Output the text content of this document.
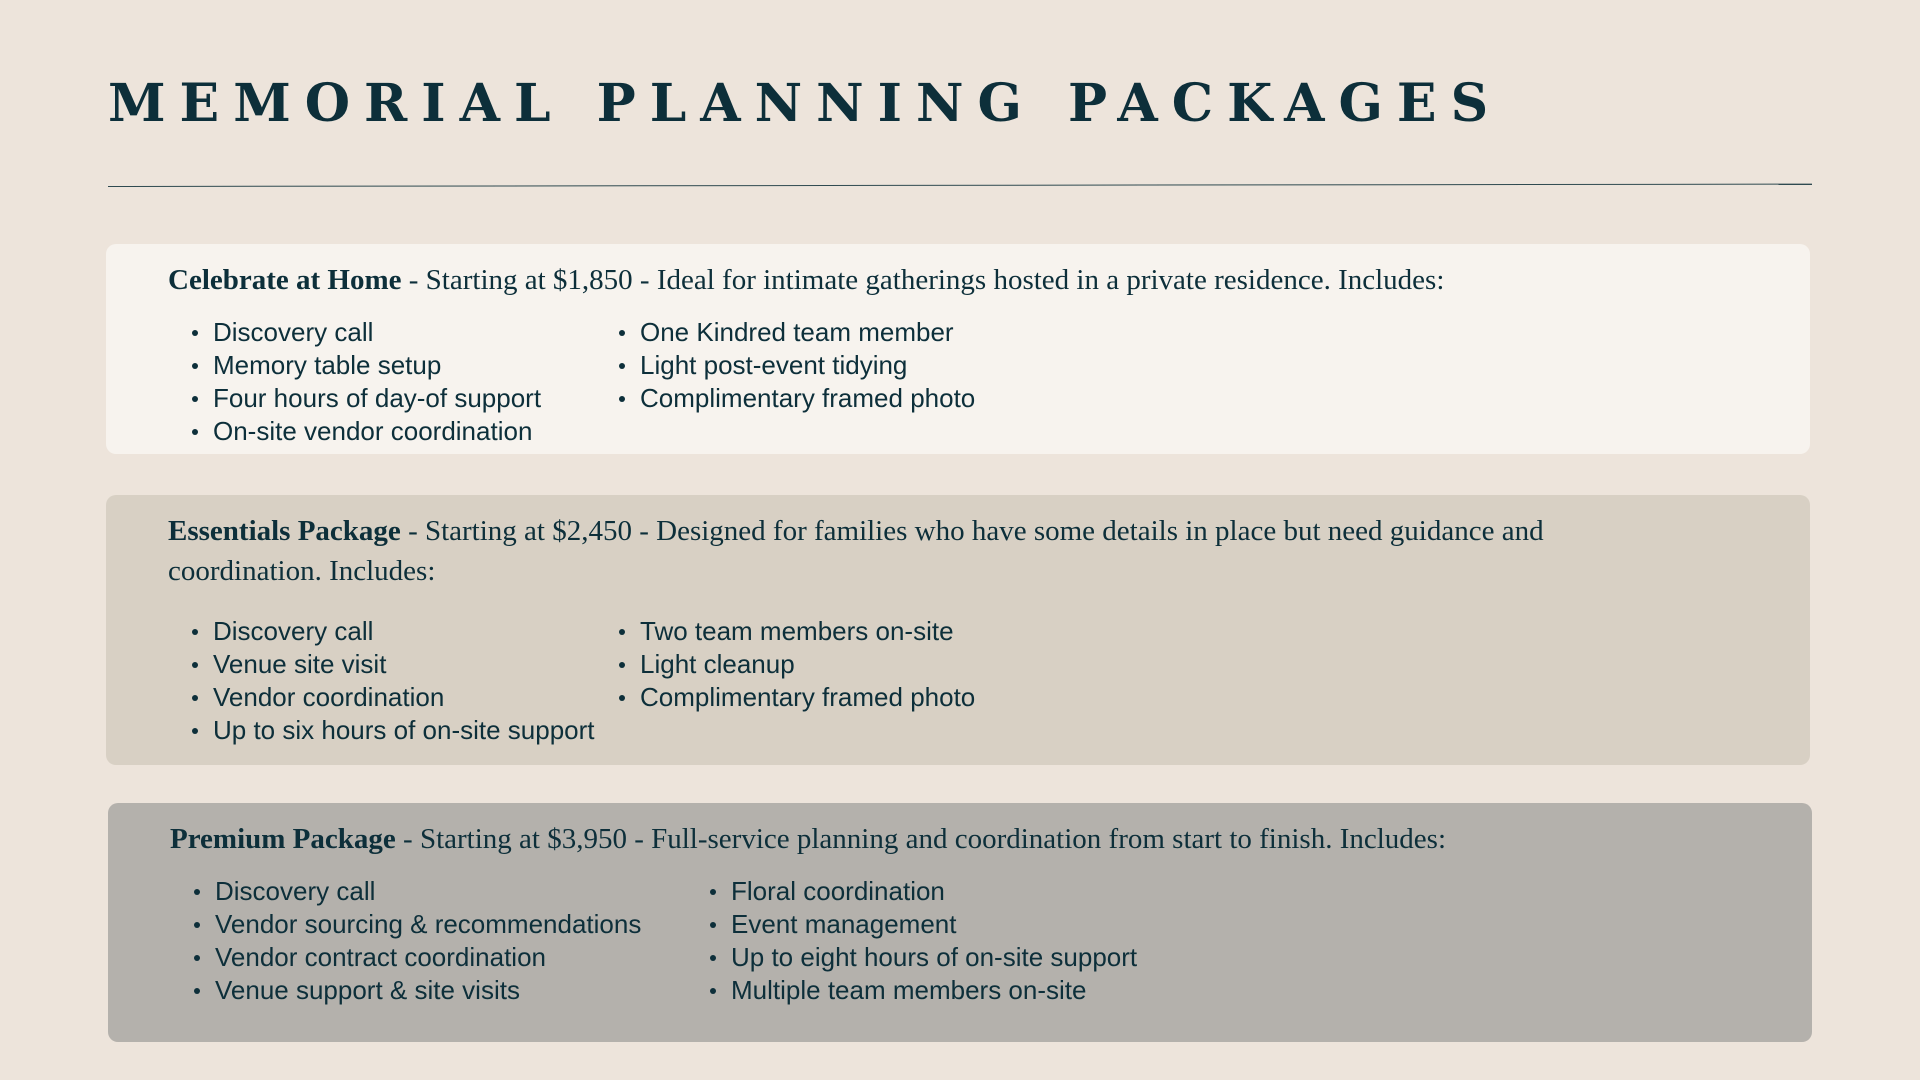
MEMORIAL PLANNING PACKAGES

Celebrate at Home - Starting at $1,850 - Ideal for intimate gatherings hosted in a private residence. Includes:

Discovery call
Memory table setup
Four hours of day-of support
On-site vendor coordination
One Kindred team member
Light post-event tidying
Complimentary framed photo

Essentials Package - Starting at $2,450 - Designed for families who have some details in place but need guidance and coordination. Includes:

Discovery call
Venue site visit
Vendor coordination
Up to six hours of on-site support
Two team members on-site
Light cleanup
Complimentary framed photo

Premium Package - Starting at $3,950 - Full-service planning and coordination from start to finish. Includes:

Discovery call
Vendor sourcing & recommendations
Vendor contract coordination
Venue support & site visits
Floral coordination
Event management
Up to eight hours of on-site support
Multiple team members on-site
